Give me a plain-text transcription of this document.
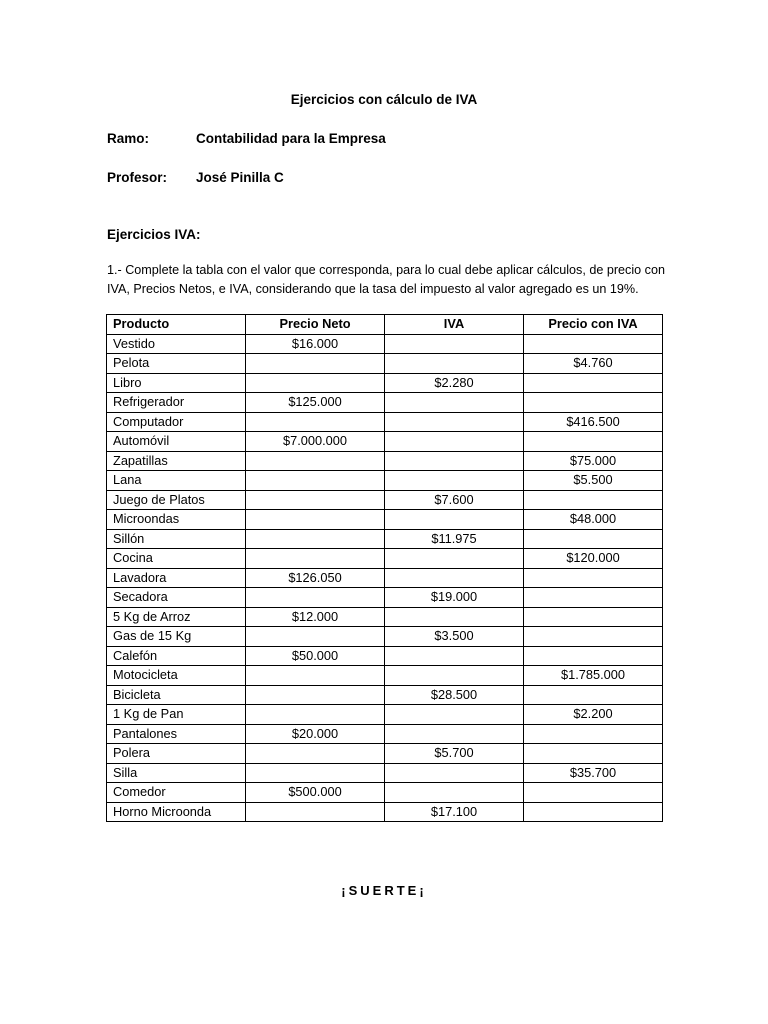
Ejercicios con cálculo de IVA
Ramo:	Contabilidad para la Empresa
Profesor: José Pinilla C
Ejercicios IVA:
1.- Complete la tabla con el valor que corresponda, para lo cual debe aplicar cálculos, de precio con IVA, Precios Netos, e IVA, considerando que la tasa del impuesto al valor agregado es un 19%.
Producto	Precio Neto	IVA	Precio con IVA
Vestido	$16.000		
Pelota			$4.760
Libro		$2.280	
Refrigerador	$125.000		
Computador			$416.500
Automóvil	$7.000.000		
Zapatillas			$75.000
Lana			$5.500
Juego de Platos		$7.600	
Microondas			$48.000
Sillón		$11.975	
Cocina			$120.000
Lavadora	$126.050		
Secadora		$19.000	
5 Kg de Arroz	$12.000		
Gas de 15 Kg		$3.500	
Calefón	$50.000		
Motocicleta			$1.785.000
Bicicleta		$28.500	
1 Kg de Pan			$2.200
Pantalones	$20.000		
Polera		$5.700	
Silla			$35.700
Comedor	$500.000		
Horno Microonda		$17.100	
¡SUERTE¡
